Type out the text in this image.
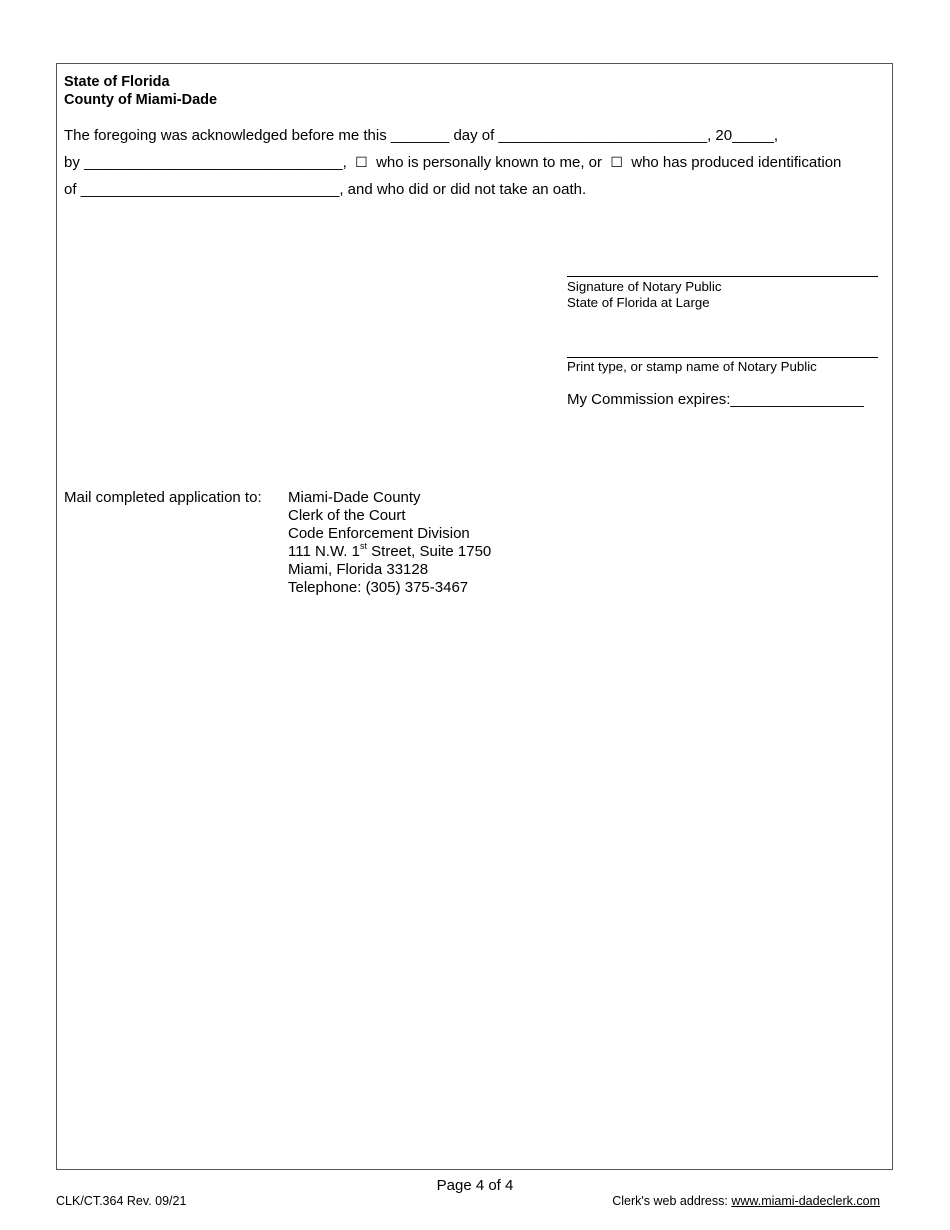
State of Florida
County of Miami-Dade
The foregoing was acknowledged before me this _______ day of _________________________, 20_____,
by _______________________________, ☐ who is personally known to me, or ☐ who has produced identification
of _______________________________, and who did or did not take an oath.
Signature of Notary Public
State of Florida at Large
Print type, or stamp name of Notary Public
My Commission expires:________________
Mail completed application to: Miami-Dade County
Clerk of the Court
Code Enforcement Division
111 N.W. 1st Street, Suite 1750
Miami, Florida 33128
Telephone: (305) 375-3467
Page 4 of 4
CLK/CT.364 Rev. 09/21	Clerk's web address: www.miami-dadeclerk.com
